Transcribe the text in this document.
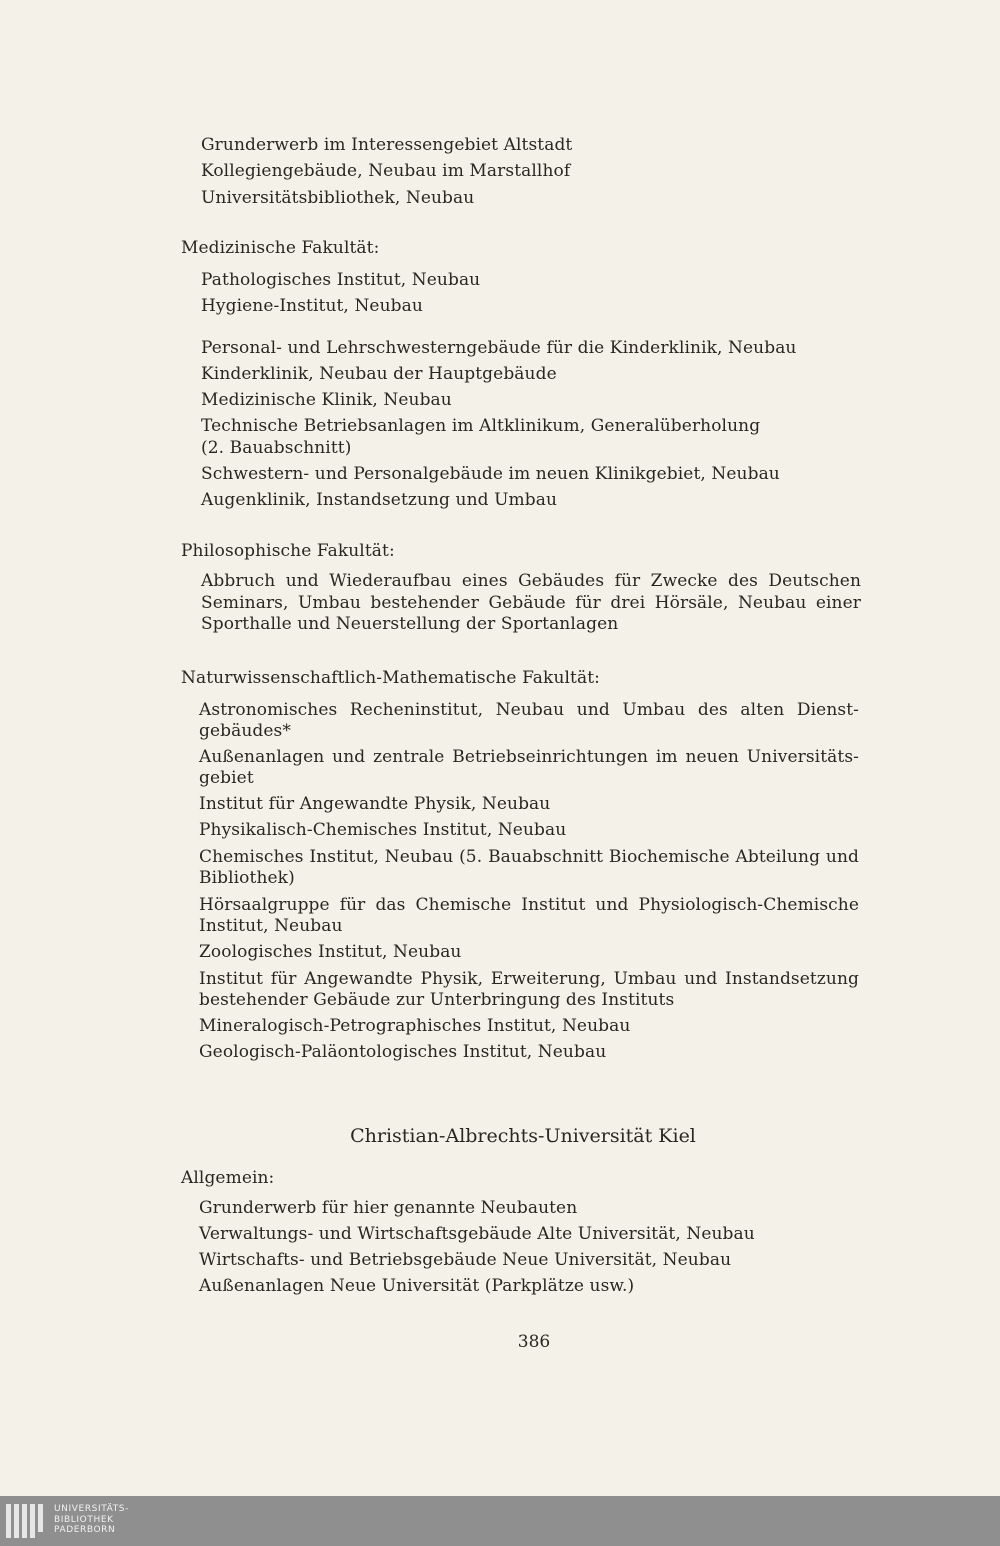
Grunderwerb im Interessengebiet Altstadt
Kollegiengebäude, Neubau im Marstallhof
Universitätsbibliothek, Neubau
Medizinische Fakultät:
Pathologisches Institut, Neubau
Hygiene-Institut, Neubau
Personal- und Lehrschwesterngebäude für die Kinderklinik, Neubau
Kinderklinik, Neubau der Hauptgebäude
Medizinische Klinik, Neubau
Technische Betriebsanlagen im Altklinikum, Generalüberholung
(2. Bauabschnitt)
Schwestern- und Personalgebäude im neuen Klinikgebiet, Neubau
Augenklinik, Instandsetzung und Umbau
Philosophische Fakultät:
Abbruch und Wiederaufbau eines Gebäudes für Zwecke des Deutschen
Seminars, Umbau bestehender Gebäude für drei Hörsäle, Neubau einer
Sporthalle und Neuerstellung der Sportanlagen
Naturwissenschaftlich-Mathematische Fakultät:
Astronomisches Recheninstitut, Neubau und Umbau des alten Dienst-
gebäudes*
Außenanlagen und zentrale Betriebseinrichtungen im neuen Universitäts-
gebiet
Institut für Angewandte Physik, Neubau
Physikalisch-Chemisches Institut, Neubau
Chemisches Institut, Neubau (5. Bauabschnitt Biochemische Abteilung und
Bibliothek)
Hörsaalgruppe für das Chemische Institut und Physiologisch-Chemische
Institut, Neubau
Zoologisches Institut, Neubau
Institut für Angewandte Physik, Erweiterung, Umbau und Instandsetzung
bestehender Gebäude zur Unterbringung des Instituts
Mineralogisch-Petrographisches Institut, Neubau
Geologisch-Paläontologisches Institut, Neubau
Christian-Albrechts-Universität Kiel
Allgemein:
Grunderwerb für hier genannte Neubauten
Verwaltungs- und Wirtschaftsgebäude Alte Universität, Neubau
Wirtschafts- und Betriebsgebäude Neue Universität, Neubau
Außenanlagen Neue Universität (Parkplätze usw.)
386
UNIVERSITÄTS-
BIBLIOTHEK
PADERBORN
